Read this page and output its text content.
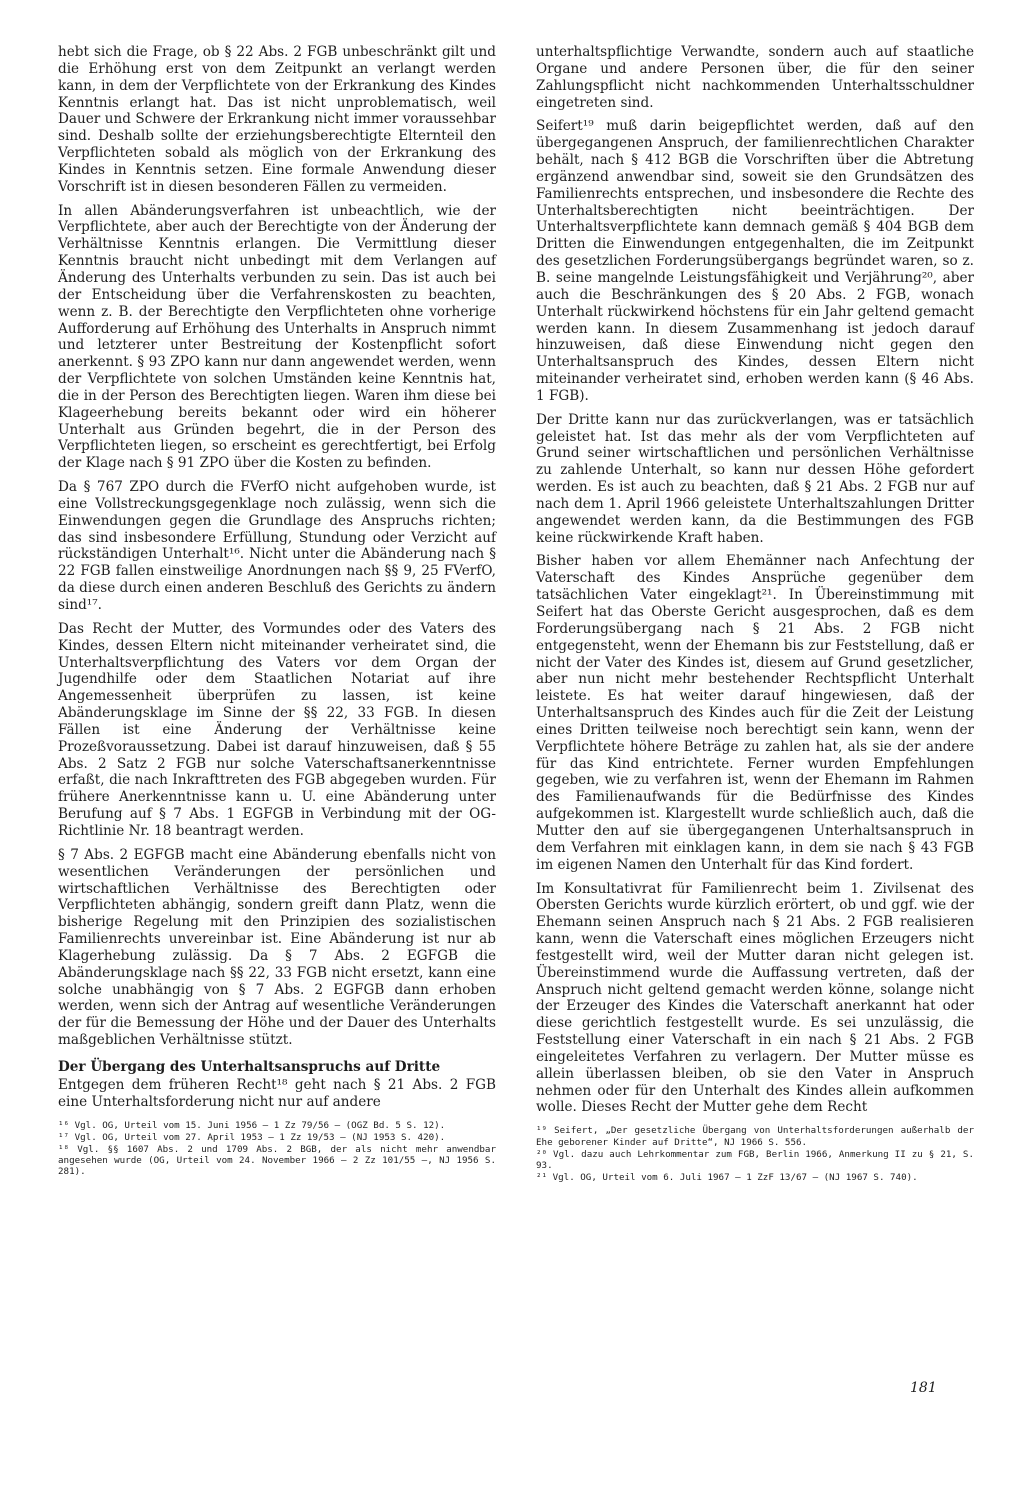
hebt sich die Frage, ob § 22 Abs. 2 FGB unbeschränkt gilt und die Erhöhung erst von dem Zeitpunkt an verlangt werden kann, in dem der Verpflichtete von der Erkrankung des Kindes Kenntnis erlangt hat. Das ist nicht unproblematisch, weil Dauer und Schwere der Erkrankung nicht immer voraussehbar sind. Deshalb sollte der erziehungsberechtigte Elternteil den Verpflichteten sobald als möglich von der Erkrankung des Kindes in Kenntnis setzen. Eine formale Anwendung dieser Vorschrift ist in diesen besonderen Fällen zu vermeiden.

In allen Abänderungsverfahren ist unbeachtlich, wie der Verpflichtete, aber auch der Berechtigte von der Änderung der Verhältnisse Kenntnis erlangen. Die Vermittlung dieser Kenntnis braucht nicht unbedingt mit dem Verlangen auf Änderung des Unterhalts verbunden zu sein. Das ist auch bei der Entscheidung über die Verfahrenskosten zu beachten, wenn z. B. der Berechtigte den Verpflichteten ohne vorherige Aufforderung auf Erhöhung des Unterhalts in Anspruch nimmt und letzterer unter Bestreitung der Kostenpflicht sofort anerkennt. § 93 ZPO kann nur dann angewendet werden, wenn der Verpflichtete von solchen Umständen keine Kenntnis hat, die in der Person des Berechtigten liegen. Waren ihm diese bei Klageerhebung bereits bekannt oder wird ein höherer Unterhalt aus Gründen begehrt, die in der Person des Verpflichteten liegen, so erscheint es gerechtfertigt, bei Erfolg der Klage nach § 91 ZPO über die Kosten zu befinden.

Da § 767 ZPO durch die FVerfO nicht aufgehoben wurde, ist eine Vollstreckungsgegenklage noch zulässig, wenn sich die Einwendungen gegen die Grundlage des Anspruchs richten; das sind insbesondere Erfüllung, Stundung oder Verzicht auf rückständigen Unterhalt¹⁶. Nicht unter die Abänderung nach § 22 FGB fallen einstweilige Anordnungen nach §§ 9, 25 FVerfO, da diese durch einen anderen Beschluß des Gerichts zu ändern sind¹⁷.

Das Recht der Mutter, des Vormundes oder des Vaters des Kindes, dessen Eltern nicht miteinander verheiratet sind, die Unterhaltsverpflichtung des Vaters vor dem Organ der Jugendhilfe oder dem Staatlichen Notariat auf ihre Angemessenheit überprüfen zu lassen, ist keine Abänderungsklage im Sinne der §§ 22, 33 FGB. In diesen Fällen ist eine Änderung der Verhältnisse keine Prozeßvoraussetzung. Dabei ist darauf hinzuweisen, daß § 55 Abs. 2 Satz 2 FGB nur solche Vaterschaftsanerkenntnisse erfaßt, die nach Inkrafttreten des FGB abgegeben wurden. Für frühere Anerkenntnisse kann u. U. eine Abänderung unter Berufung auf § 7 Abs. 1 EGFGB in Verbindung mit der OG-Richtlinie Nr. 18 beantragt werden.

§ 7 Abs. 2 EGFGB macht eine Abänderung ebenfalls nicht von wesentlichen Veränderungen der persönlichen und wirtschaftlichen Verhältnisse des Berechtigten oder Verpflichteten abhängig, sondern greift dann Platz, wenn die bisherige Regelung mit den Prinzipien des sozialistischen Familienrechts unvereinbar ist. Eine Abänderung ist nur ab Klagerhebung zulässig. Da § 7 Abs. 2 EGFGB die Abänderungsklage nach §§ 22, 33 FGB nicht ersetzt, kann eine solche unabhängig von § 7 Abs. 2 EGFGB dann erhoben werden, wenn sich der Antrag auf wesentliche Veränderungen der für die Bemessung der Höhe und der Dauer des Unterhalts maßgeblichen Verhältnisse stützt.

Der Übergang des Unterhaltsanspruchs auf Dritte

Entgegen dem früheren Recht¹⁸ geht nach § 21 Abs. 2 FGB eine Unterhaltsforderung nicht nur auf andere

¹⁶ Vgl. OG, Urteil vom 15. Juni 1956 – 1 Zz 79/56 – (OGZ Bd. 5 S. 12).

¹⁷ Vgl. OG, Urteil vom 27. April 1953 – 1 Zz 19/53 – (NJ 1953 S. 420).

¹⁸ Vgl. §§ 1607 Abs. 2 und 1709 Abs. 2 BGB, der als nicht mehr anwendbar angesehen wurde (OG, Urteil vom 24. November 1966 – 2 Zz 101/55 –, NJ 1956 S. 281).

unterhaltspflichtige Verwandte, sondern auch auf staatliche Organe und andere Personen über, die für den seiner Zahlungspflicht nicht nachkommenden Unterhaltsschuldner eingetreten sind.

Seifert¹⁹ muß darin beigepflichtet werden, daß auf den übergegangenen Anspruch, der familienrechtlichen Charakter behält, nach § 412 BGB die Vorschriften über die Abtretung ergänzend anwendbar sind, soweit sie den Grundsätzen des Familienrechts entsprechen, und insbesondere die Rechte des Unterhaltsberechtigten nicht beeinträchtigen. Der Unterhaltsverpflichtete kann demnach gemäß § 404 BGB dem Dritten die Einwendungen entgegenhalten, die im Zeitpunkt des gesetzlichen Forderungsübergangs begründet waren, so z. B. seine mangelnde Leistungsfähigkeit und Verjährung²⁰, aber auch die Beschränkungen des § 20 Abs. 2 FGB, wonach Unterhalt rückwirkend höchstens für ein Jahr geltend gemacht werden kann. In diesem Zusammenhang ist jedoch darauf hinzuweisen, daß diese Einwendung nicht gegen den Unterhaltsanspruch des Kindes, dessen Eltern nicht miteinander verheiratet sind, erhoben werden kann (§ 46 Abs. 1 FGB).

Der Dritte kann nur das zurückverlangen, was er tatsächlich geleistet hat. Ist das mehr als der vom Verpflichteten auf Grund seiner wirtschaftlichen und persönlichen Verhältnisse zu zahlende Unterhalt, so kann nur dessen Höhe gefordert werden. Es ist auch zu beachten, daß § 21 Abs. 2 FGB nur auf nach dem 1. April 1966 geleistete Unterhaltszahlungen Dritter angewendet werden kann, da die Bestimmungen des FGB keine rückwirkende Kraft haben.

Bisher haben vor allem Ehemänner nach Anfechtung der Vaterschaft des Kindes Ansprüche gegenüber dem tatsächlichen Vater eingeklagt²¹. In Übereinstimmung mit Seifert hat das Oberste Gericht ausgesprochen, daß es dem Forderungsübergang nach § 21 Abs. 2 FGB nicht entgegensteht, wenn der Ehemann bis zur Feststellung, daß er nicht der Vater des Kindes ist, diesem auf Grund gesetzlicher, aber nun nicht mehr bestehender Rechtspflicht Unterhalt leistete. Es hat weiter darauf hingewiesen, daß der Unterhaltsanspruch des Kindes auch für die Zeit der Leistung eines Dritten teilweise noch berechtigt sein kann, wenn der Verpflichtete höhere Beträge zu zahlen hat, als sie der andere für das Kind entrichtete. Ferner wurden Empfehlungen gegeben, wie zu verfahren ist, wenn der Ehemann im Rahmen des Familienaufwands für die Bedürfnisse des Kindes aufgekommen ist. Klargestellt wurde schließlich auch, daß die Mutter den auf sie übergegangenen Unterhaltsanspruch in dem Verfahren mit einklagen kann, in dem sie nach § 43 FGB im eigenen Namen den Unterhalt für das Kind fordert.

Im Konsultativrat für Familienrecht beim 1. Zivilsenat des Obersten Gerichts wurde kürzlich erörtert, ob und ggf. wie der Ehemann seinen Anspruch nach § 21 Abs. 2 FGB realisieren kann, wenn die Vaterschaft eines möglichen Erzeugers nicht festgestellt wird, weil der Mutter daran nicht gelegen ist. Übereinstimmend wurde die Auffassung vertreten, daß der Anspruch nicht geltend gemacht werden könne, solange nicht der Erzeuger des Kindes die Vaterschaft anerkannt hat oder diese gerichtlich festgestellt wurde. Es sei unzulässig, die Feststellung einer Vaterschaft in ein nach § 21 Abs. 2 FGB eingeleitetes Verfahren zu verlagern. Der Mutter müsse es allein überlassen bleiben, ob sie den Vater in Anspruch nehmen oder für den Unterhalt des Kindes allein aufkommen wolle. Dieses Recht der Mutter gehe dem Recht

¹⁹ Seifert, „Der gesetzliche Übergang von Unterhaltsforderungen außerhalb der Ehe geborener Kinder auf Dritte“, NJ 1966 S. 556.

²⁰ Vgl. dazu auch Lehrkommentar zum FGB, Berlin 1966, Anmerkung II zu § 21, S. 93.

²¹ Vgl. OG, Urteil vom 6. Juli 1967 – 1 ZzF 13/67 – (NJ 1967 S. 740).

181
